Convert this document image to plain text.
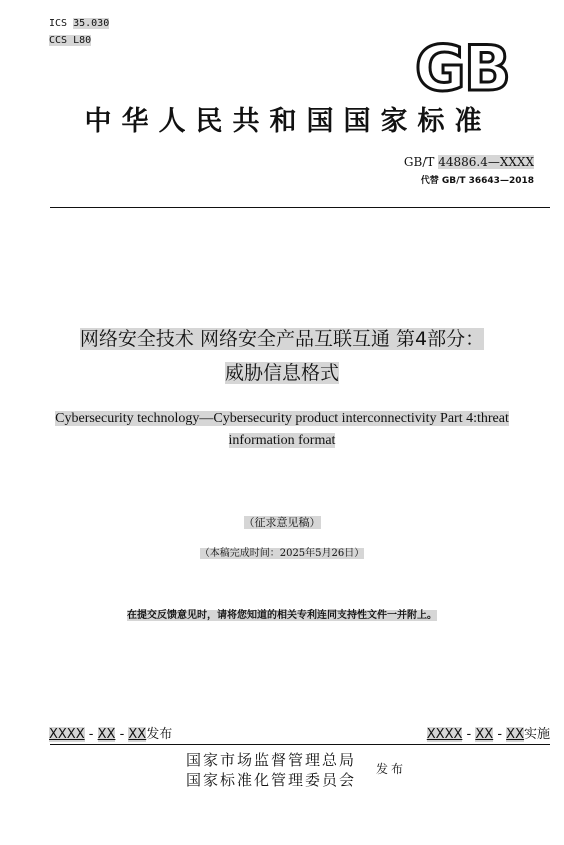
ICS 35.030
CCS L80	GB
中华人民共和国国家标准
GB/T 44886.4—XXXX
代替 GB/T 36643—2018
网络安全技术 网络安全产品互联互通 第4部分：
威胁信息格式
Cybersecurity technology—Cybersecurity product interconnectivity Part 4:threat
information format
（征求意见稿）
（本稿完成时间：2025年5月26日）
在提交反馈意见时，请将您知道的相关专利连同支持性文件一并附上。
XXXX - XX - XX发布	XXXX - XX - XX实施
国家市场监督管理总局
国家标准化管理委员会
发布
